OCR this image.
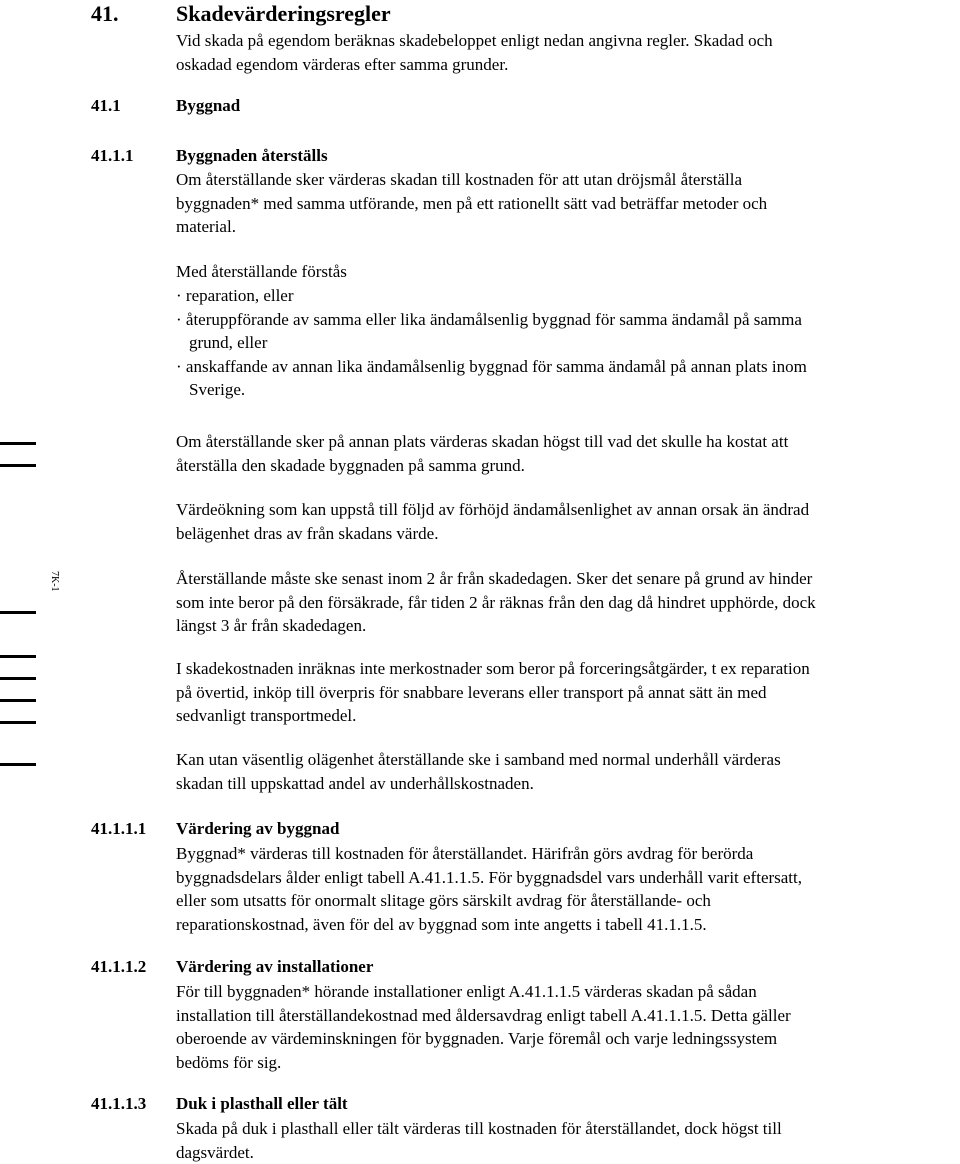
7K-1
41.	Skadevärderingsregler
Vid skada på egendom beräknas skadebeloppet enligt nedan angivna regler. Skadad och
oskadad egendom värderas efter samma grunder.
41.1	Byggnad
41.1.1	Byggnaden återställs
Om återställande sker värderas skadan till kostnaden för att utan dröjsmål återställa
byggnaden* med samma utförande, men på ett rationellt sätt vad beträffar metoder och
material.
Med återställande förstås
· reparation, eller
· återuppförande av samma eller lika ändamålsenlig byggnad för samma ändamål på samma
grund, eller
· anskaffande av annan lika ändamålsenlig byggnad för samma ändamål på annan plats inom
Sverige.
Om återställande sker på annan plats värderas skadan högst till vad det skulle ha kostat att
återställa den skadade byggnaden på samma grund.
Värdeökning som kan uppstå till följd av förhöjd ändamålsenlighet av annan orsak än ändrad
belägenhet dras av från skadans värde.
Återställande måste ske senast inom 2 år från skadedagen. Sker det senare på grund av hinder
som inte beror på den försäkrade, får tiden 2 år räknas från den dag då hindret upphörde, dock
längst 3 år från skadedagen.
I skadekostnaden inräknas inte merkostnader som beror på forceringsåtgärder, t ex reparation
på övertid, inköp till överpris för snabbare leverans eller transport på annat sätt än med
sedvanligt transportmedel.
Kan utan väsentlig olägenhet återställande ske i samband med normal underhåll värderas
skadan till uppskattad andel av underhållskostnaden.
41.1.1.1 Värdering av byggnad
Byggnad* värderas till kostnaden för återställandet. Härifrån görs avdrag för berörda
byggnadsdelars ålder enligt tabell A.41.1.1.5. För byggnadsdel vars underhåll varit eftersatt,
eller som utsatts för onormalt slitage görs särskilt avdrag för återställande- och
reparationskostnad, även för del av byggnad som inte angetts i tabell 41.1.1.5.
41.1.1.2 Värdering av installationer
För till byggnaden* hörande installationer enligt A.41.1.1.5 värderas skadan på sådan
installation till återställandekostnad med åldersavdrag enligt tabell A.41.1.1.5. Detta gäller
oberoende av värdeminskningen för byggnaden. Varje föremål och varje ledningssystem
bedöms för sig.
41.1.1.3 Duk i plasthall eller tält
Skada på duk i plasthall eller tält värderas till kostnaden för återställandet, dock högst till
dagsvärdet.
